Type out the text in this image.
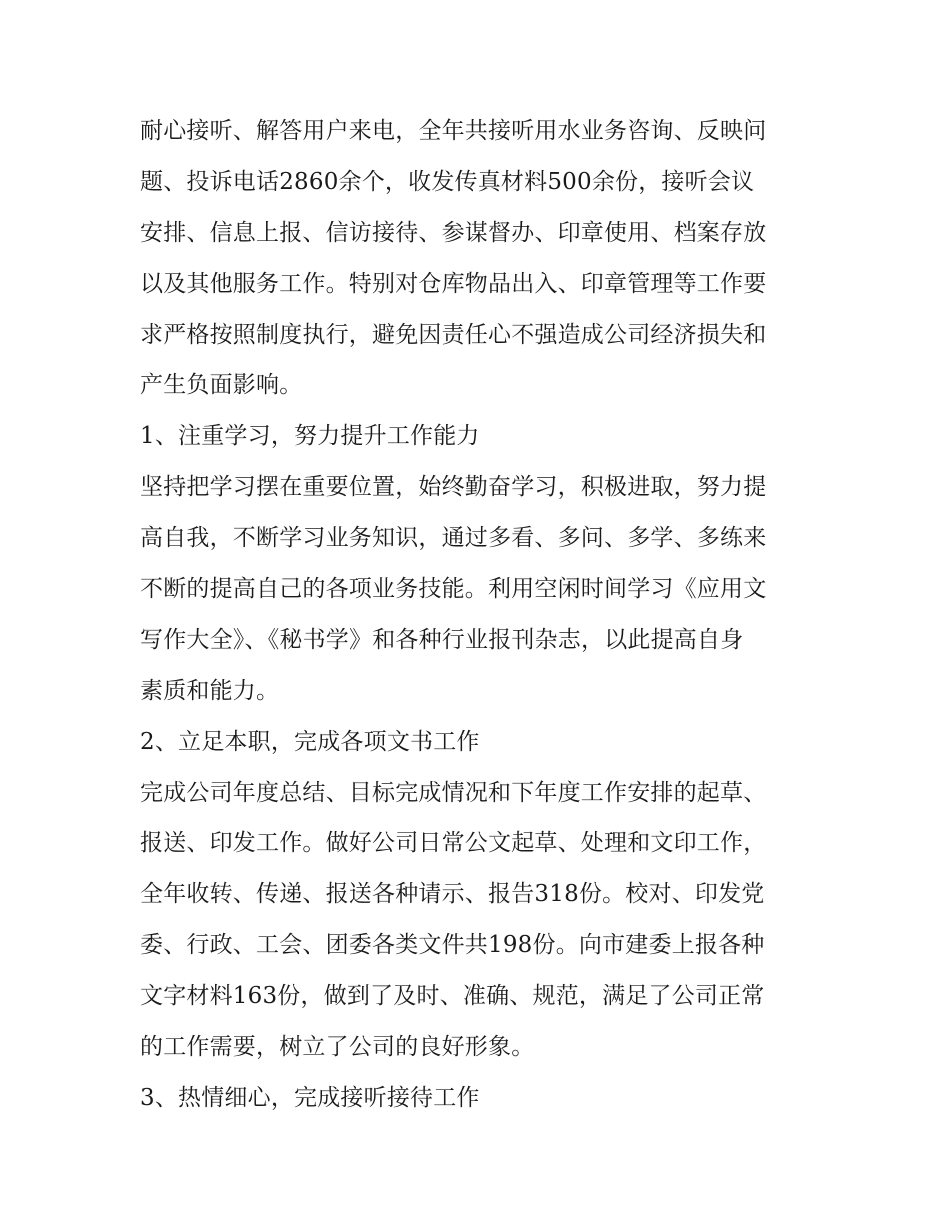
耐心接听、解答用户来电，全年共接听用水业务咨询、反映问
题、投诉电话2860余个，收发传真材料500余份，接听会议
安排、信息上报、信访接待、参谋督办、印章使用、档案存放
以及其他服务工作。特别对仓库物品出入、印章管理等工作要
求严格按照制度执行，避免因责任心不强造成公司经济损失和
产生负面影响。
1、注重学习，努力提升工作能力
坚持把学习摆在重要位置，始终勤奋学习，积极进取，努力提
高自我，不断学习业务知识，通过多看、多问、多学、多练来
不断的提高自己的各项业务技能。利用空闲时间学习《应用文
写作大全》、《秘书学》和各种行业报刊杂志，以此提高自身
素质和能力。
2、立足本职，完成各项文书工作
完成公司年度总结、目标完成情况和下年度工作安排的起草、
报送、印发工作。做好公司日常公文起草、处理和文印工作，
全年收转、传递、报送各种请示、报告318份。校对、印发党
委、行政、工会、团委各类文件共198份。向市建委上报各种
文字材料163份，做到了及时、准确、规范，满足了公司正常
的工作需要，树立了公司的良好形象。
3、热情细心，完成接听接待工作
